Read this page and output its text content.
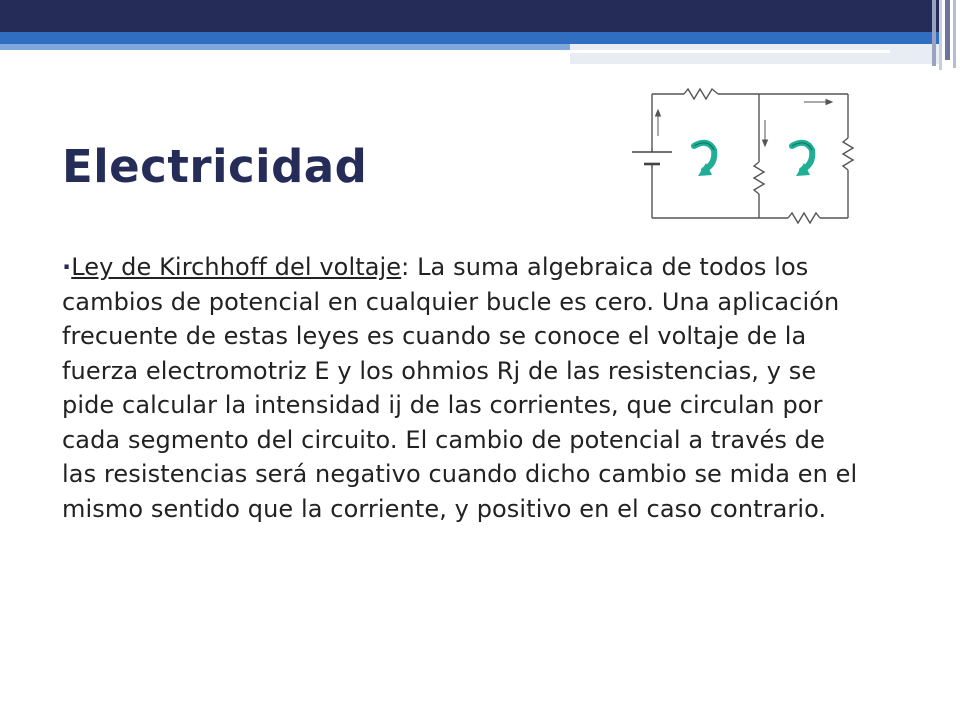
Electricidad

·Ley de Kirchhoff del voltaje: La suma algebraica de todos los cambios de potencial en cualquier bucle es cero. Una aplicación frecuente de estas leyes es cuando se conoce el voltaje de la fuerza electromotriz E y los ohmios Rj de las resistencias, y se pide calcular la intensidad ij de las corrientes, que circulan por cada segmento del circuito. El cambio de potencial a través de las resistencias será negativo cuando dicho cambio se mida en el mismo sentido que la corriente, y positivo en el caso contrario.
